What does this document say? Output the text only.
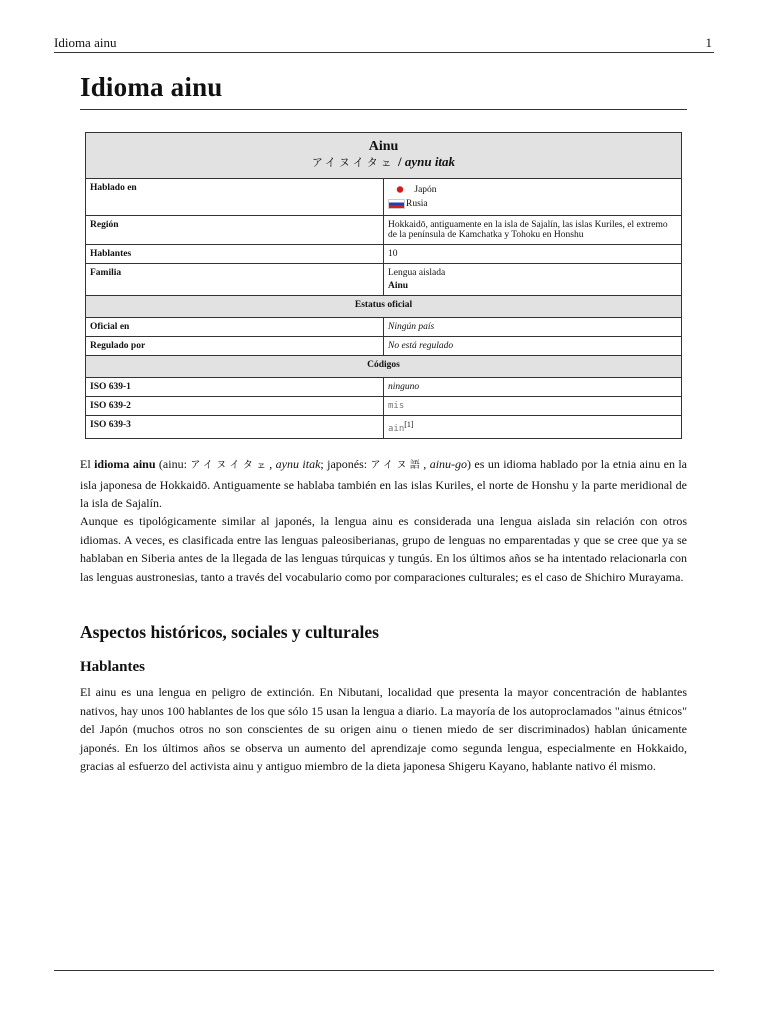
Idioma ainu	1
Idioma ainu
Ainu
アイヌイタ𛅥 / aynu itak	

Hablado en	Japón
Rusia

Región	Hokkaidō, antiguamente en la isla de Sajalín, las islas Kuriles, el extremo de la península de Kamchatka y Tohoku en Honshu
Hablantes	10
Familia	Lengua aislada
Ainu

Estatus oficial	
Oficial en	Ningún país
Regulado por	No está regulado
Códigos	
ISO 639-1	ninguno
ISO 639-2	mis
ISO 639-3	ain[1]

El idioma ainu (ainu: アイヌイタ𛅥, aynu itak; japonés: アイヌ語, ainu-go) es un idioma hablado por la etnia ainu en la isla japonesa de Hokkaidō. Antiguamente se hablaba también en las islas Kuriles, el norte de Honshu y la parte meridional de la isla de Sajalín.

Aunque es tipológicamente similar al japonés, la lengua ainu es considerada una lengua aislada sin relación con otros idiomas. A veces, es clasificada entre las lenguas paleosiberianas, grupo de lenguas no emparentadas y que se cree que ya se hablaban en Siberia antes de la llegada de las lenguas túrquicas y tungús. En los últimos años se ha intentado relacionarla con las lenguas austronesias, tanto a través del vocabulario como por comparaciones culturales; es el caso de Shichiro Murayama.

Aspectos históricos, sociales y culturales
Hablantes

El ainu es una lengua en peligro de extinción. En Nibutani, localidad que presenta la mayor concentración de hablantes nativos, hay unos 100 hablantes de los que sólo 15 usan la lengua a diario. La mayoría de los autoproclamados "ainus étnicos" del Japón (muchos otros no son conscientes de su origen ainu o tienen miedo de ser discriminados) hablan únicamente japonés. En los últimos años se observa un aumento del aprendizaje como segunda lengua, especialmente en Hokkaido, gracias al esfuerzo del activista ainu y antiguo miembro de la dieta japonesa Shigeru Kayano, hablante nativo él mismo.
